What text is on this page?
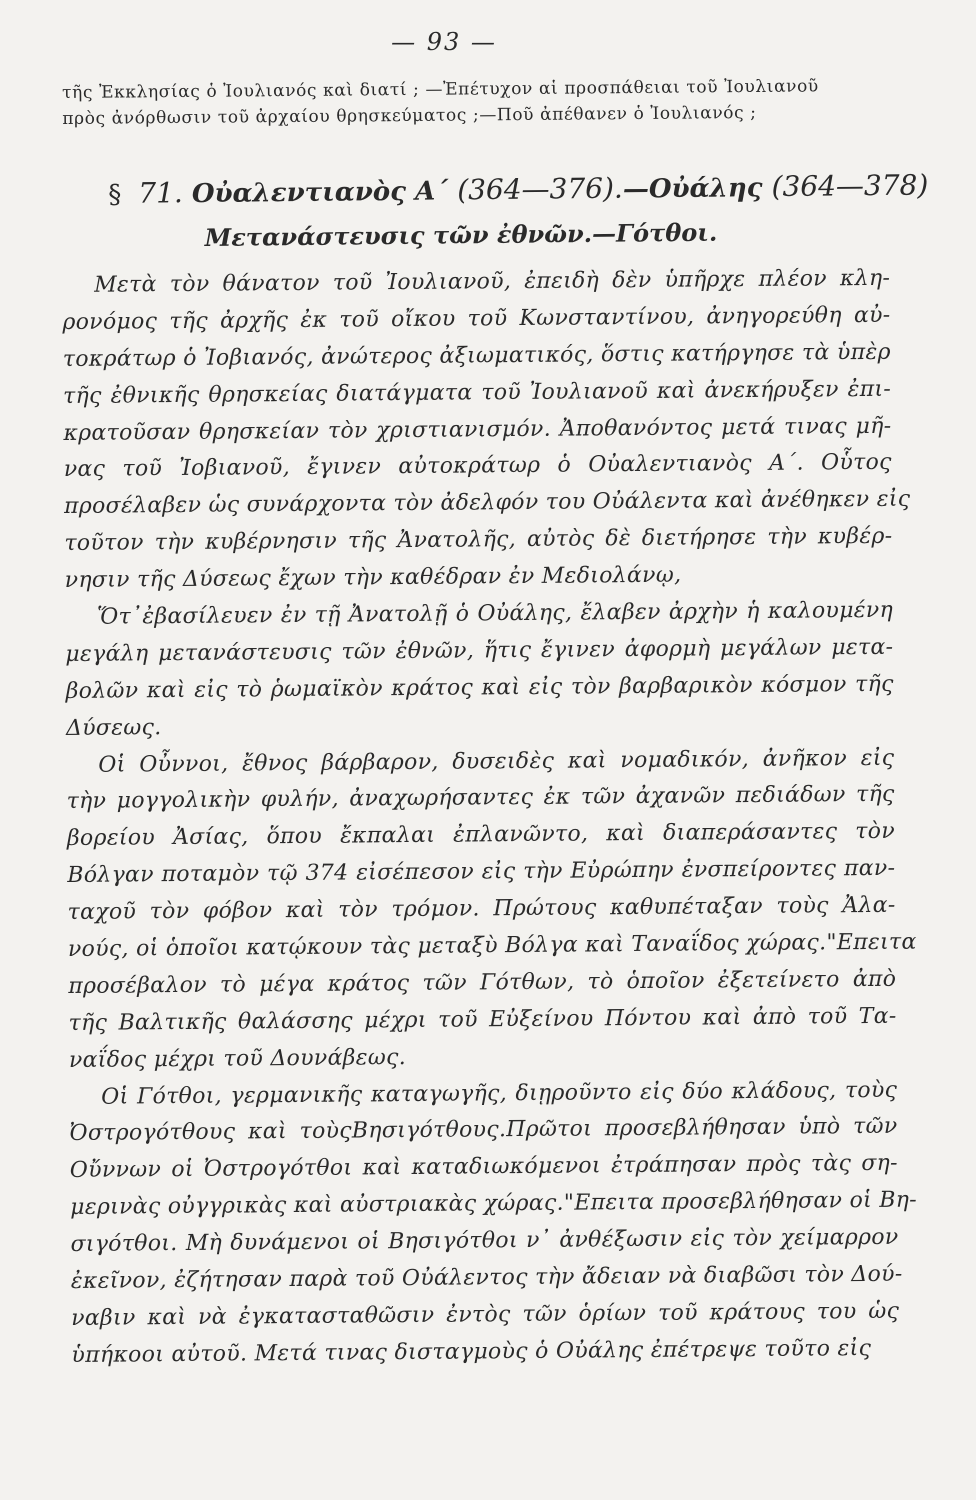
— 93 —
τῆς Ἐκκλησίας ὁ Ἰουλιανός καὶ διατί ; —Ἐπέτυχον αἱ προσπάθειαι τοῦ Ἰουλιανοῦ
πρὸς ἀνόρθωσιν τοῦ ἀρχαίου θρησκεύματος ;—Ποῦ ἀπέθανεν ὁ Ἰουλιανός ;
§ 71. Οὐαλεντιανὸς Α΄ (364—376).—Οὐάλης (364—378)
Μετανάστευσις τῶν ἐθνῶν.—Γότθοι.
Μετὰ τὸν θάνατον τοῦ Ἰουλιανοῦ, ἐπειδὴ δὲν ὑπῆρχε πλέον κλη-
ρονόμος τῆς ἀρχῆς ἐκ τοῦ οἴκου τοῦ Κωνσταντίνου, ἀνηγορεύθη αὐ-
τοκράτωρ ὁ Ἰοβιανός, ἀνώτερος ἀξιωματικός, ὅστις κατήργησε τὰ ὑπὲρ
τῆς ἐθνικῆς θρησκείας διατάγματα τοῦ Ἰουλιανοῦ καὶ ἀνεκήρυξεν ἐπι-
κρατοῦσαν θρησκείαν τὸν χριστιανισμόν. Ἀποθανόντος μετά τινας μῆ-
νας τοῦ Ἰοβιανοῦ, ἔγινεν αὐτοκράτωρ ὁ Οὐαλεντιανὸς Α΄. Οὗτος
προσέλαβεν ὡς συνάρχοντα τὸν ἀδελφόν του Οὐάλεντα καὶ ἀνέθηκεν εἰς
τοῦτον τὴν κυβέρνησιν τῆς Ἀνατολῆς, αὐτὸς δὲ διετήρησε τὴν κυβέρ-
νησιν τῆς Δύσεως ἔχων τὴν καθέδραν ἐν Μεδιολάνῳ,
Ὅτ᾽ἐβασίλευεν ἐν τῇ Ἀνατολῇ ὁ Οὐάλης, ἔλαβεν ἀρχὴν ἡ καλουμένη
μεγάλη μετανάστευσις τῶν ἐθνῶν, ἥτις ἔγινεν ἀφορμὴ μεγάλων μετα-
βολῶν καὶ εἰς τὸ ῥωμαϊκὸν κράτος καὶ εἰς τὸν βαρβαρικὸν κόσμον τῆς
Δύσεως.
Οἱ Οὖννοι, ἔθνος βάρβαρον, δυσειδὲς καὶ νομαδικόν, ἀνῆκον εἰς
τὴν μογγολικὴν φυλήν, ἀναχωρήσαντες ἐκ τῶν ἀχανῶν πεδιάδων τῆς
βορείου Ἀσίας, ὅπου ἔκπαλαι ἐπλανῶντο, καὶ διαπεράσαντες τὸν
Βόλγαν ποταμὸν τῷ 374 εἰσέπεσον εἰς τὴν Εὐρώπην ἐνσπείροντες παν-
ταχοῦ τὸν φόβον καὶ τὸν τρόμον. Πρώτους καθυπέταξαν τοὺς Ἀλα-
νούς, οἱ ὁποῖοι κατῴκουν τὰς μεταξὺ Βόλγα καὶ Ταναΐδος χώρας."Επειτα
προσέβαλον τὸ μέγα κράτος τῶν Γότθων, τὸ ὁποῖον ἐξετείνετο ἀπὸ
τῆς Βαλτικῆς θαλάσσης μέχρι τοῦ Εὐξείνου Πόντου καὶ ἀπὸ τοῦ Τα-
ναΐδος μέχρι τοῦ Δουνάβεως.
Οἱ Γότθοι, γερμανικῆς καταγωγῆς, διῃροῦντο εἰς δύο κλάδους, τοὺς
Ὀστρογότθους καὶ τοὺςΒησιγότθους.Πρῶτοι προσεβλήθησαν ὑπὸ τῶν
Οὔννων οἱ Ὀστρογότθοι καὶ καταδιωκόμενοι ἐτράπησαν πρὸς τὰς ση-
μερινὰς οὐγγρικὰς καὶ αὐστριακὰς χώρας."Επειτα προσεβλήθησαν οἱ Βη-
σιγότθοι. Μὴ δυνάμενοι οἱ Βησιγότθοι ν᾽ ἀνθέξωσιν εἰς τὸν χείμαρρον
ἐκεῖνον, ἐζήτησαν παρὰ τοῦ Οὐάλεντος τὴν ἄδειαν νὰ διαβῶσι τὸν Δού-
ναβιν καὶ νὰ ἐγκατασταθῶσιν ἐντὸς τῶν ὁρίων τοῦ κράτους του ὡς
ὑπήκοοι αὐτοῦ. Μετά τινας δισταγμοὺς ὁ Οὐάλης ἐπέτρεψε τοῦτο εἰς
